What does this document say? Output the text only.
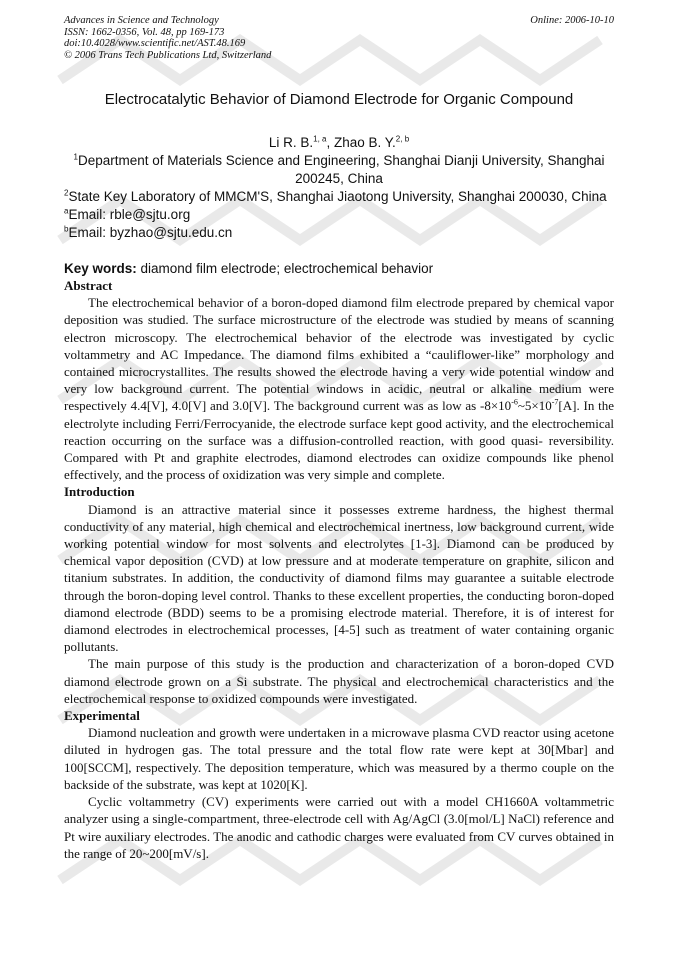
Advances in Science and Technology
ISSN: 1662-0356, Vol. 48, pp 169-173
doi:10.4028/www.scientific.net/AST.48.169
© 2006 Trans Tech Publications Ltd, Switzerland
Online: 2006-10-10
Electrocatalytic Behavior of Diamond Electrode for Organic Compound
Li R. B.$^{1, a}$, Zhao B. Y.$^{2, b}$
$^1$Department of Materials Science and Engineering, Shanghai Dianji University, Shanghai 200245, China
$^2$State Key Laboratory of MMCM'S, Shanghai Jiaotong University, Shanghai 200030, China
$^a$Email: rble@sjtu.org
$^b$Email: byzhao@sjtu.edu.cn
Key words: diamond film electrode; electrochemical behavior

Abstract

The electrochemical behavior of a boron-doped diamond film electrode prepared by chemical vapor deposition was studied. The surface microstructure of the electrode was studied by means of scanning electron microscopy. The electrochemical behavior of the electrode was investigated by cyclic voltammetry and AC Impedance. The diamond films exhibited a “cauliflower-like” morphology and contained microcrystallites. The results showed the electrode having a very wide potential window and very low background current. The potential windows in acidic, neutral or alkaline medium were respectively 4.4[V], 4.0[V] and 3.0[V]. The background current was as low as $-8\times 10^{-6}\sim 5\times 10^{-7}[A]$. In the electrolyte including Ferri/Ferrocyanide, the electrode surface kept good activity, and the electrochemical reaction occurring on the surface was a diffusion-controlled reaction, with good quasi- reversibility. Compared with Pt and graphite electrodes, diamond electrodes can oxidize compounds like phenol effectively, and the process of oxidization was very simple and complete.

Introduction

Diamond is an attractive material since it possesses extreme hardness, the highest thermal conductivity of any material, high chemical and electrochemical inertness, low background current, wide working potential window for most solvents and electrolytes [1-3]. Diamond can be produced by chemical vapor deposition (CVD) at low pressure and at moderate temperature on graphite, silicon and titanium substrates. In addition, the conductivity of diamond films may guarantee a suitable electrode through the boron-doping level control. Thanks to these excellent properties, the conducting boron-doped diamond electrode (BDD) seems to be a promising electrode material. Therefore, it is of interest for diamond electrodes in electrochemical processes, [4-5] such as treatment of water containing organic pollutants.

The main purpose of this study is the production and characterization of a boron-doped CVD diamond electrode grown on a Si substrate. The physical and electrochemical characteristics and the electrochemical response to oxidized compounds were investigated.

Experimental

Diamond nucleation and growth were undertaken in a microwave plasma CVD reactor using acetone diluted in hydrogen gas. The total pressure and the total flow rate were kept at 30[Mbar] and 100[SCCM], respectively. The deposition temperature, which was measured by a thermo couple on the backside of the substrate, was kept at 1020[K].

Cyclic voltammetry (CV) experiments were carried out with a model CH1660A voltammetric analyzer using a single-compartment, three-electrode cell with Ag/AgCl (3.0[mol/L] NaCl) reference and Pt wire auxiliary electrodes. The anodic and cathodic charges were evaluated from CV curves obtained in the range of 20~200[mV/s].
